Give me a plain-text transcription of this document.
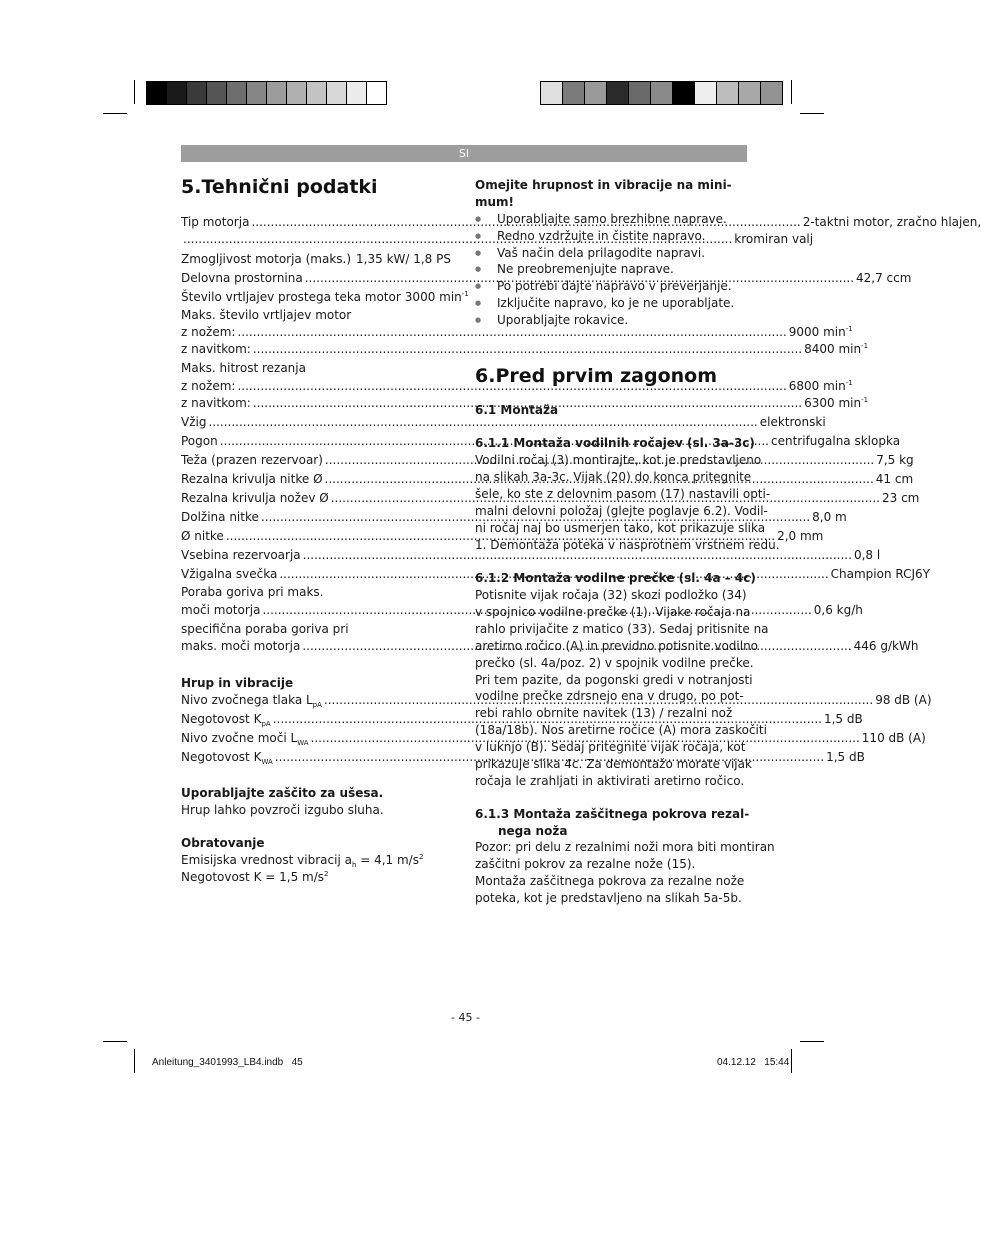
SI
5.Tehnični podatki
Tip motorja .....	2-taktni motor, zračno hlajen,
.....
kromiran valj
Zmogljivost motorja (maks.) ..... 1,35 kW/ 1,8 PS
Delovna prostornina .....	42,7 ccm
Število vrtljajev prostega teka motor 3000 $\min^{-1}$
Maks. število vrtljajev motor
z nožem: .....	9000 $\min^{-1}$
z navitkom: .....	8400 $\min^{-1}$
Maks. hitrost rezanja
z nožem: .....	6800 $\min^{-1}$
z navitkom: .....	6300 $\min^{-1}$
Vžig .....	elektronski
Pogon .....	centrifugalna sklopka
Teža (prazen rezervoar) .....	7,5 kg
Rezalna krivulja nitke Ø .....	41 cm
Rezalna krivulja nožev Ø .....	23 cm
Dolžina nitke .....	8,0 m
Ø nitke .....	2,0 mm
Vsebina rezervoarja .....	0,8 l
Vžigalna svečka .....	Champion RCJ6Y
Poraba goriva pri maks.
moči motorja .....	0,6 kg/h
specifična poraba goriva pri
maks. moči motorja .....	446 g/kWh
Hrup in vibracije
Nivo zvočnega tlaka $L_{pA}$ .....	98 dB (A)
Negotovost $K_{pA}$ .....	1,5 dB
Nivo zvočne moči $L_{WA}$ .....	110 dB (A)
Negotovost $K_{WA}$ .....	1,5 dB
Uporabljajte zaščito za ušesa.
Hrup lahko povzroči izgubo sluha.
Obratovanje
Emisijska vrednost vibracij $a_h = 4,1$ $m/s^2$
Negotovost K = 1,5 $m/s^2$
Omejite hrupnost in vibracije na mini-
mum!
● Uporabljajte samo brezhibne naprave.
● Redno vzdržujte in čistite napravo.
● Vaš način dela prilagodite napravi.
● Ne preobremenjujte naprave.
● Po potrebi dajte napravo v preverjanje.
● Izključite napravo, ko je ne uporabljate.
● Uporabljajte rokavice.
6.Pred prvim zagonom
6.1 Montaža
6.1.1 Montaža vodilnih ročajev (sl. 3a-3c)
Vodilni ročaj (3) montirajte, kot je predstavljeno
na slikah 3a-3c. Vijak (20) do konca pritegnite
šele, ko ste z delovnim pasom (17) nastavili opti-
malni delovni položaj (glejte poglavje 6.2). Vodil-
ni ročaj naj bo usmerjen tako, kot prikazuje slika
1. Demontaža poteka v nasprotnem vrstnem redu.
6.1.2 Montaža vodilne prečke (sl. 4a – 4c)
Potisnite vijak ročaja (32) skozi podložko (34)
v spojnico vodilne prečke (1). Vijake ročaja na
rahlo privijačite z matico (33). Sedaj pritisnite na
aretirno ročico (A) in previdno potisnite vodilno
prečko (sl. 4a/poz. 2) v spojnik vodilne prečke.
Pri tem pazite, da pogonski gredi v notranjosti
vodilne prečke zdrsnejo ena v drugo, po pot-
rebi rahlo obrnite navitek (13) / rezalni nož
(18a/18b). Nos aretirne ročice (A) mora zaskočiti
v luknjo (B). Sedaj pritegnite vijak ročaja, kot
prikazuje slika 4c. Za demontažo morate vijak
ročaja le zrahljati in aktivirati aretirno ročico.
6.1.3 Montaža zaščitnega pokrova rezal-
nega noža
Pozor: pri delu z rezalnimi noži mora biti montiran
zaščitni pokrov za rezalne nože (15).
Montaža zaščitnega pokrova za rezalne nože
poteka, kot je predstavljeno na slikah 5a-5b.
- 45 -
Anleitung_3401993_LB4.indb   45	04.12.12   15:44
